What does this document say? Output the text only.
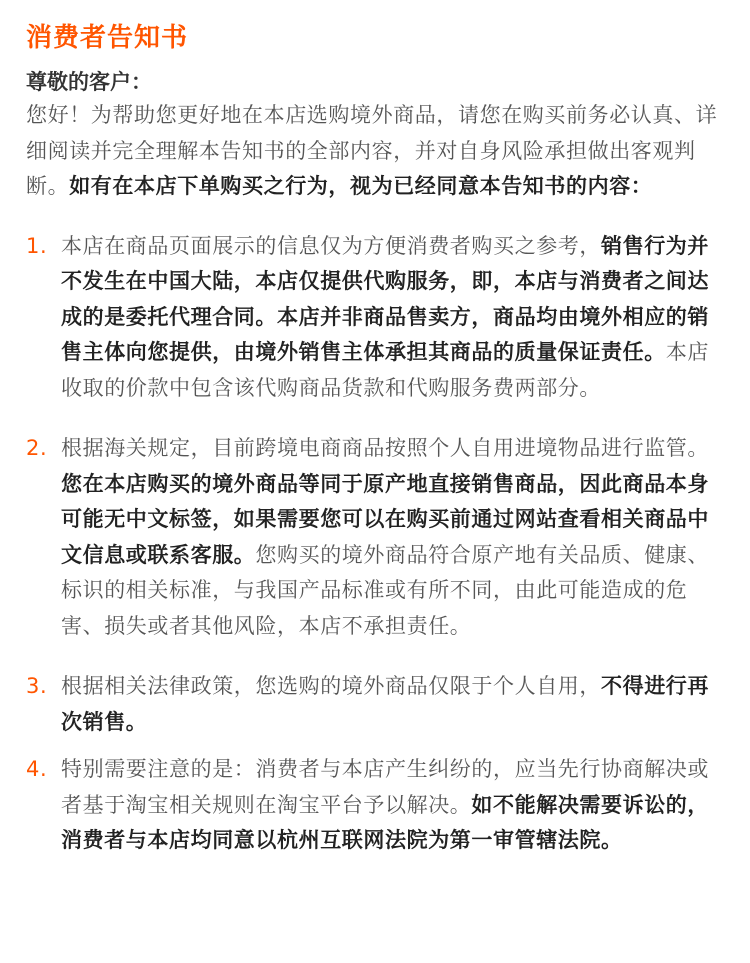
消费者告知书
尊敬的客户：
您好！为帮助您更好地在本店选购境外商品，请您在购买前务必认真、详细阅读并完全理解本告知书的全部内容，并对自身风险承担做出客观判断。如有在本店下单购买之行为，视为已经同意本告知书的内容：
1. 本店在商品页面展示的信息仅为方便消费者购买之参考，销售行为并不发生在中国大陆，本店仅提供代购服务，即，本店与消费者之间达成的是委托代理合同。本店并非商品售卖方，商品均由境外相应的销售主体向您提供，由境外销售主体承担其商品的质量保证责任。本店收取的价款中包含该代购商品货款和代购服务费两部分。
2. 根据海关规定，目前跨境电商商品按照个人自用进境物品进行监管。您在本店购买的境外商品等同于原产地直接销售商品，因此商品本身可能无中文标签，如果需要您可以在购买前通过网站查看相关商品中文信息或联系客服。您购买的境外商品符合原产地有关品质、健康、标识的相关标准，与我国产品标准或有所不同，由此可能造成的危害、损失或者其他风险，本店不承担责任。
3. 根据相关法律政策，您选购的境外商品仅限于个人自用，不得进行再次销售。
4. 特别需要注意的是：消费者与本店产生纠纷的，应当先行协商解决或者基于淘宝相关规则在淘宝平台予以解决。如不能解决需要诉讼的，消费者与本店均同意以杭州互联网法院为第一审管辖法院。
